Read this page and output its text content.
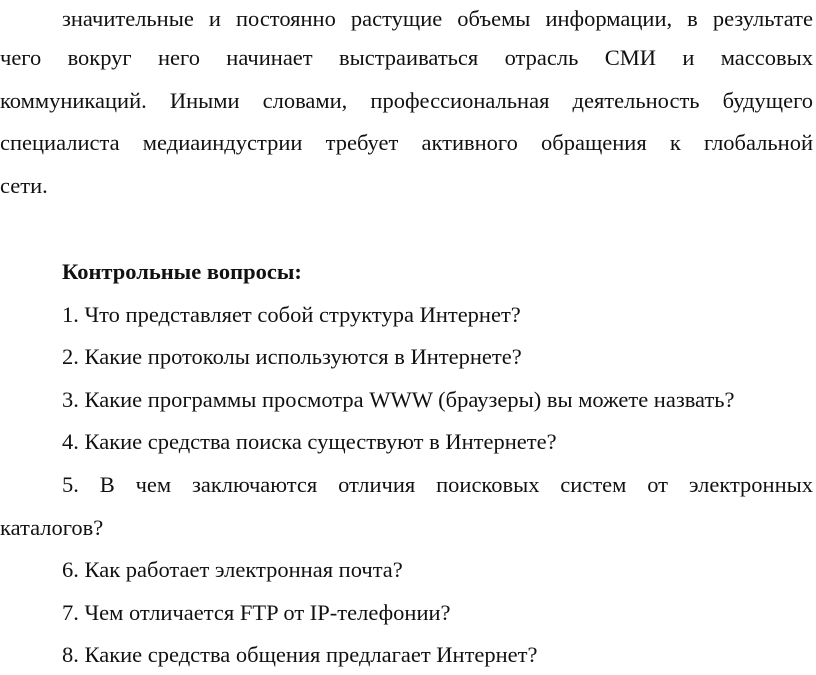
значительные и постоянно растущие объемы информации, в результате
чего вокруг него начинает выстраиваться отрасль СМИ и массовых
коммуникаций. Иными словами, профессиональная деятельность будущего
специалиста медиаиндустрии требует активного обращения к глобальной
сети.
Контрольные вопросы:
1. Что представляет собой структура Интернет?
2. Какие протоколы используются в Интернете?
3. Какие программы просмотра WWW (браузеры) вы можете назвать?
4. Какие средства поиска существуют в Интернете?
5. В чем заключаются отличия поисковых систем от электронных
каталогов?
6. Как работает электронная почта?
7. Чем отличается FTP от IP-телефонии?
8. Какие средства общения предлагает Интернет?
